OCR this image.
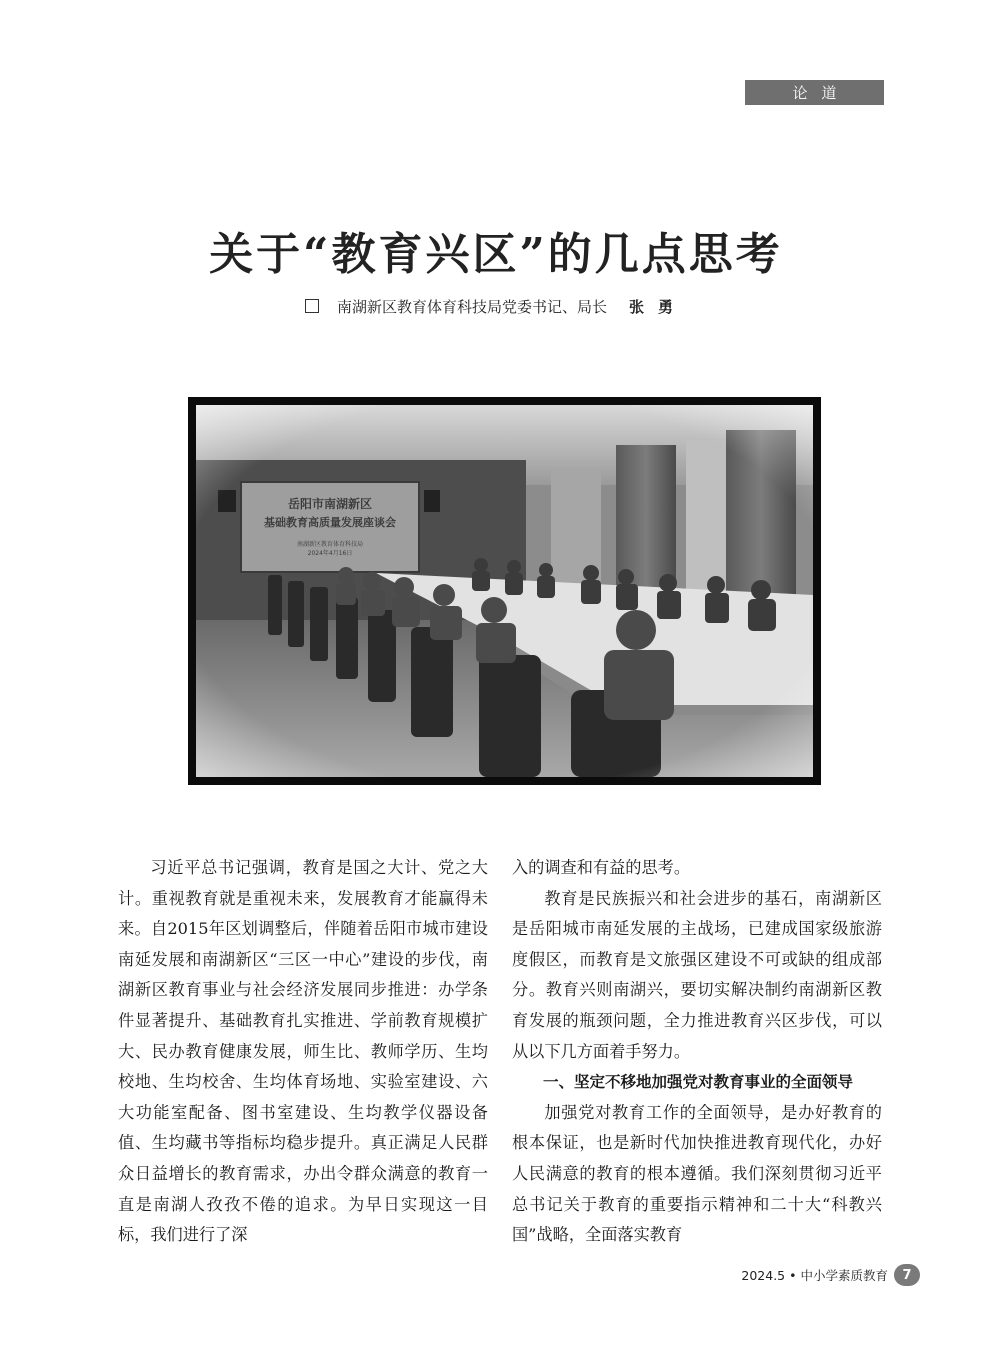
论道
关于“教育兴区”的几点思考
南湖新区教育体育科技局党委书记、局长 张勇

习近平总书记强调，教育是国之大计、党之大计。重视教育就是重视未来，发展教育才能赢得未来。自2015年区划调整后，伴随着岳阳市城市建设南延发展和南湖新区“三区一中心”建设的步伐，南湖新区教育事业与社会经济发展同步推进：办学条件显著提升、基础教育扎实推进、学前教育规模扩大、民办教育健康发展，师生比、教师学历、生均校地、生均校舍、生均体育场地、实验室建设、六大功能室配备、图书室建设、生均教学仪器设备值、生均藏书等指标均稳步提升。真正满足人民群众日益增长的教育需求，办出令群众满意的教育一直是南湖人孜孜不倦的追求。为早日实现这一目标，我们进行了深

入的调查和有益的思考。

教育是民族振兴和社会进步的基石，南湖新区是岳阳城市南延发展的主战场，已建成国家级旅游度假区，而教育是文旅强区建设不可或缺的组成部分。教育兴则南湖兴，要切实解决制约南湖新区教育发展的瓶颈问题，全力推进教育兴区步伐，可以从以下几方面着手努力。

一、坚定不移地加强党对教育事业的全面领导

加强党对教育工作的全面领导，是办好教育的根本保证，也是新时代加快推进教育现代化，办好人民满意的教育的根本遵循。我们深刻贯彻习近平总书记关于教育的重要指示精神和二十大“科教兴国”战略，全面落实教育

2024.5
•
中小学素质教育	7
